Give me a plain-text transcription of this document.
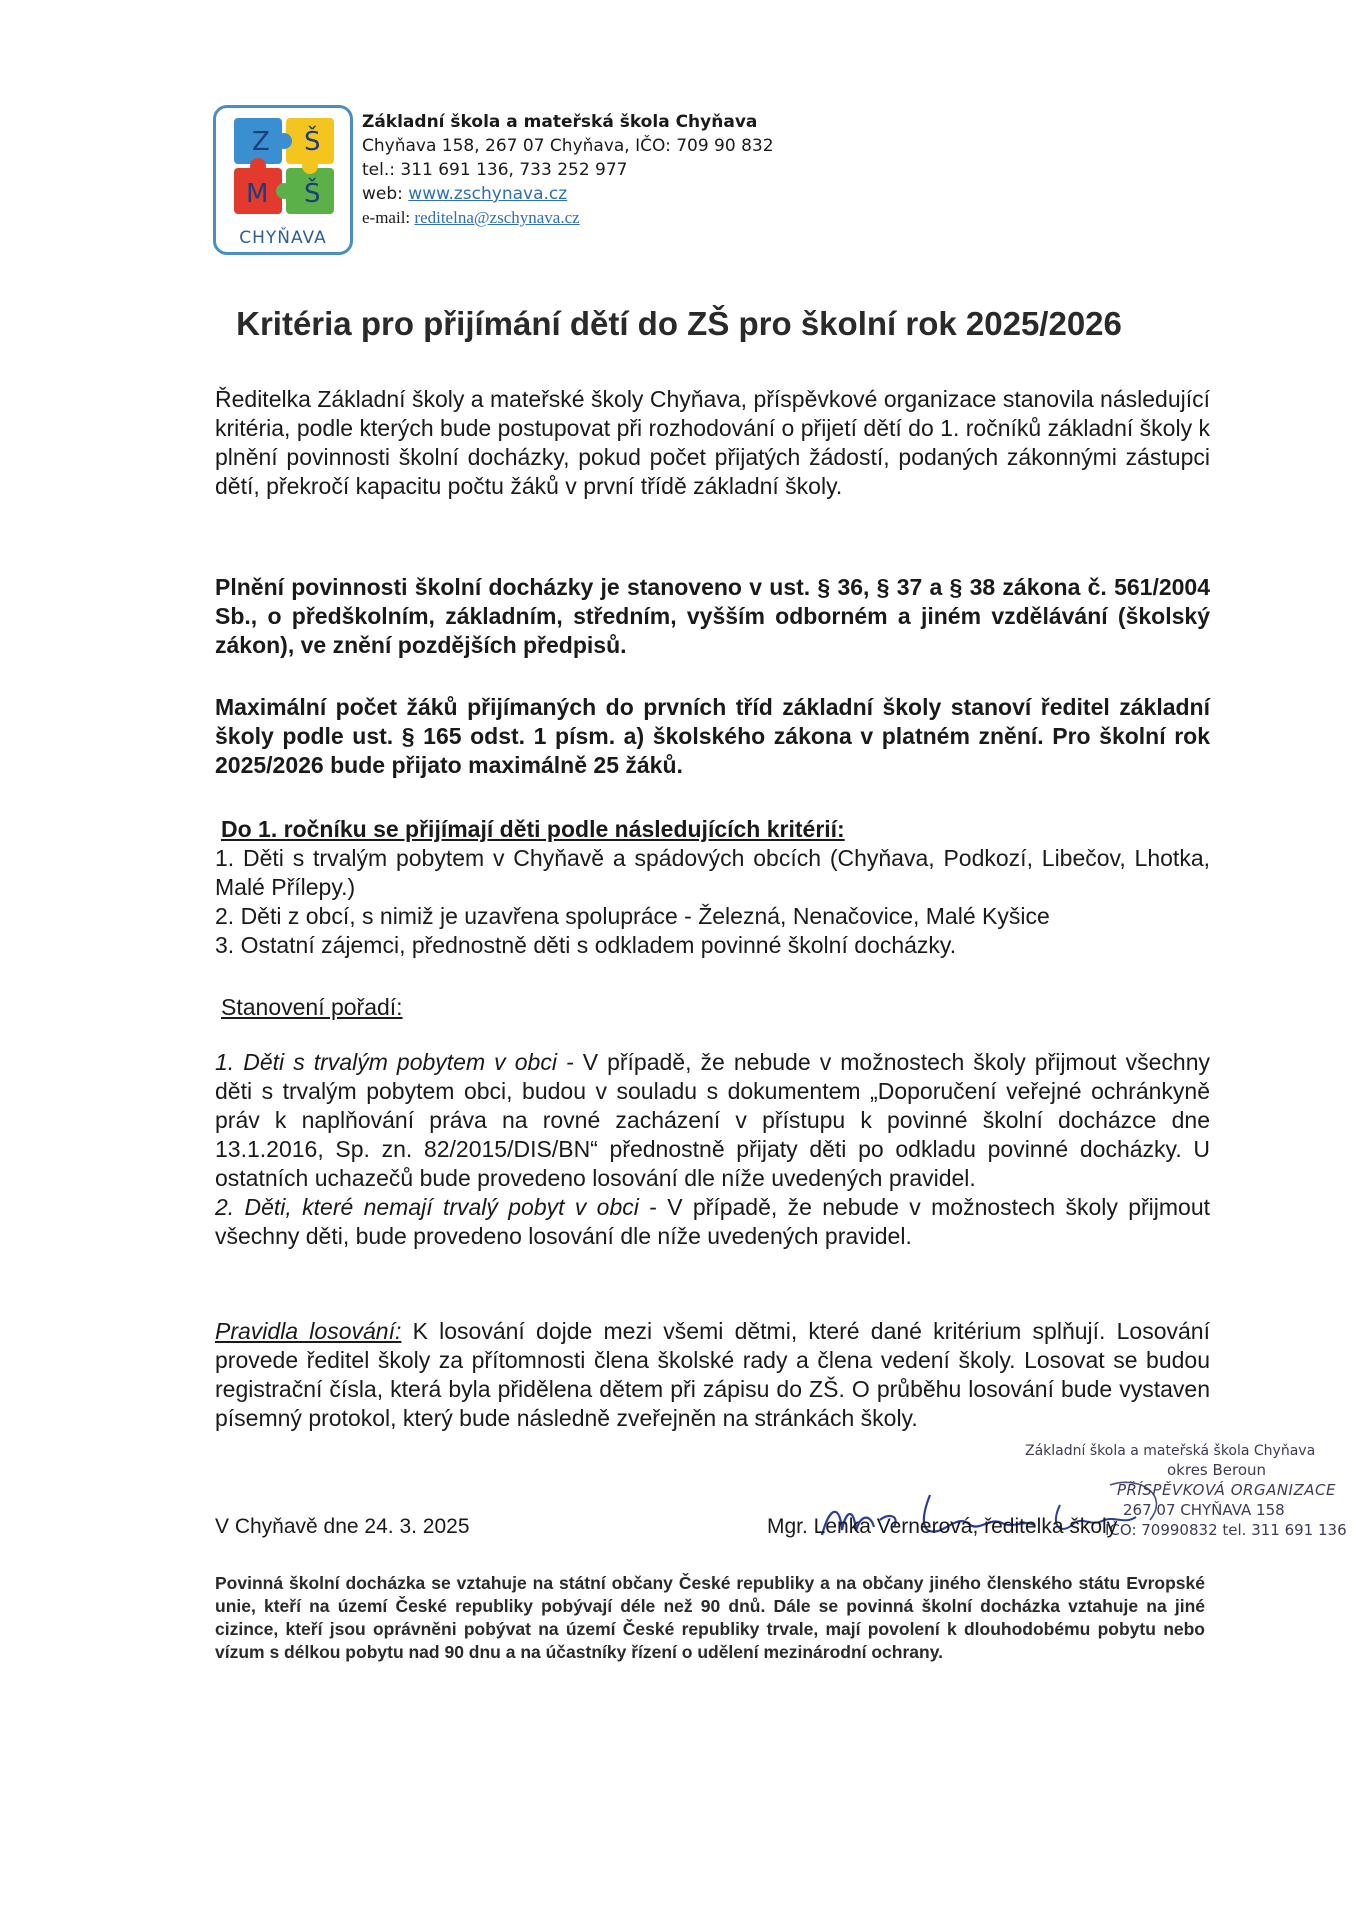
Z Š
M Š
CHYŇAVA
Základní škola a mateřská škola Chyňava
Chyňava 158, 267 07 Chyňava, IČO: 709 90 832
tel.: 311 691 136, 733 252 977
web: www.zschynava.cz
e-mail: reditelna@zschynava.cz
Kritéria pro přijímání dětí do ZŠ pro školní rok 2025/2026
Ředitelka Základní školy a mateřské školy Chyňava, příspěvkové organizace stanovila následující kritéria, podle kterých bude postupovat při rozhodování o přijetí dětí do 1. ročníků základní školy k plnění povinnosti školní docházky, pokud počet přijatých žádostí, podaných zákonnými zástupci dětí, překročí kapacitu počtu žáků v první třídě základní školy.
Plnění povinnosti školní docházky je stanoveno v ust. § 36, § 37 a § 38 zákona č. 561/2004 Sb., o předškolním, základním, středním, vyšším odborném a jiném vzdělávání (školský zákon), ve znění pozdějších předpisů.
Maximální počet žáků přijímaných do prvních tříd základní školy stanoví ředitel základní školy podle ust. § 165 odst. 1 písm. a) školského zákona v platném znění. Pro školní rok 2025/2026 bude přijato maximálně 25 žáků.
Do 1. ročníku se přijímají děti podle následujících kritérií:
1. Děti s trvalým pobytem v Chyňavě a spádových obcích (Chyňava, Podkozí, Libečov, Lhotka, Malé Přílepy.)
2. Děti z obcí, s nimiž je uzavřena spolupráce - Železná, Nenačovice, Malé Kyšice
3. Ostatní zájemci, přednostně děti s odkladem povinné školní docházky.
Stanovení pořadí:
1. Děti s trvalým pobytem v obci - V případě, že nebude v možnostech školy přijmout všechny děti s trvalým pobytem obci, budou v souladu s dokumentem „Doporučení veřejné ochránkyně práv k naplňování práva na rovné zacházení v přístupu k povinné školní docházce dne 13.1.2016, Sp. zn. 82/2015/DIS/BN“ přednostně přijaty děti po odkladu povinné docházky. U ostatních uchazečů bude provedeno losování dle níže uvedených pravidel.
2. Děti, které nemají trvalý pobyt v obci - V případě, že nebude v možnostech školy přijmout všechny děti, bude provedeno losování dle níže uvedených pravidel.
Pravidla losování: K losování dojde mezi všemi dětmi, které dané kritérium splňují. Losování provede ředitel školy za přítomnosti člena školské rady a člena vedení školy. Losovat se budou registrační čísla, která byla přidělena dětem při zápisu do ZŠ. O průběhu losování bude vystaven písemný protokol, který bude následně zveřejněn na stránkách školy.
Základní škola a mateřská škola Chyňava
okres Beroun
PŘÍSPĚVKOVÁ ORGANIZACE
267 07 CHYŇAVA 158
IČO: 70990832 tel. 311 691 136
V Chyňavě dne 24. 3. 2025	Mgr. Lenka Vernerová, ředitelka školy
Povinná školní docházka se vztahuje na státní občany České republiky a na občany jiného členského státu Evropské unie, kteří na území České republiky pobývají déle než 90 dnů. Dále se povinná školní docházka vztahuje na jiné cizince, kteří jsou oprávněni pobývat na území České republiky trvale, mají povolení k dlouhodobému pobytu nebo vízum s délkou pobytu nad 90 dnu a na účastníky řízení o udělení mezinárodní ochrany.
